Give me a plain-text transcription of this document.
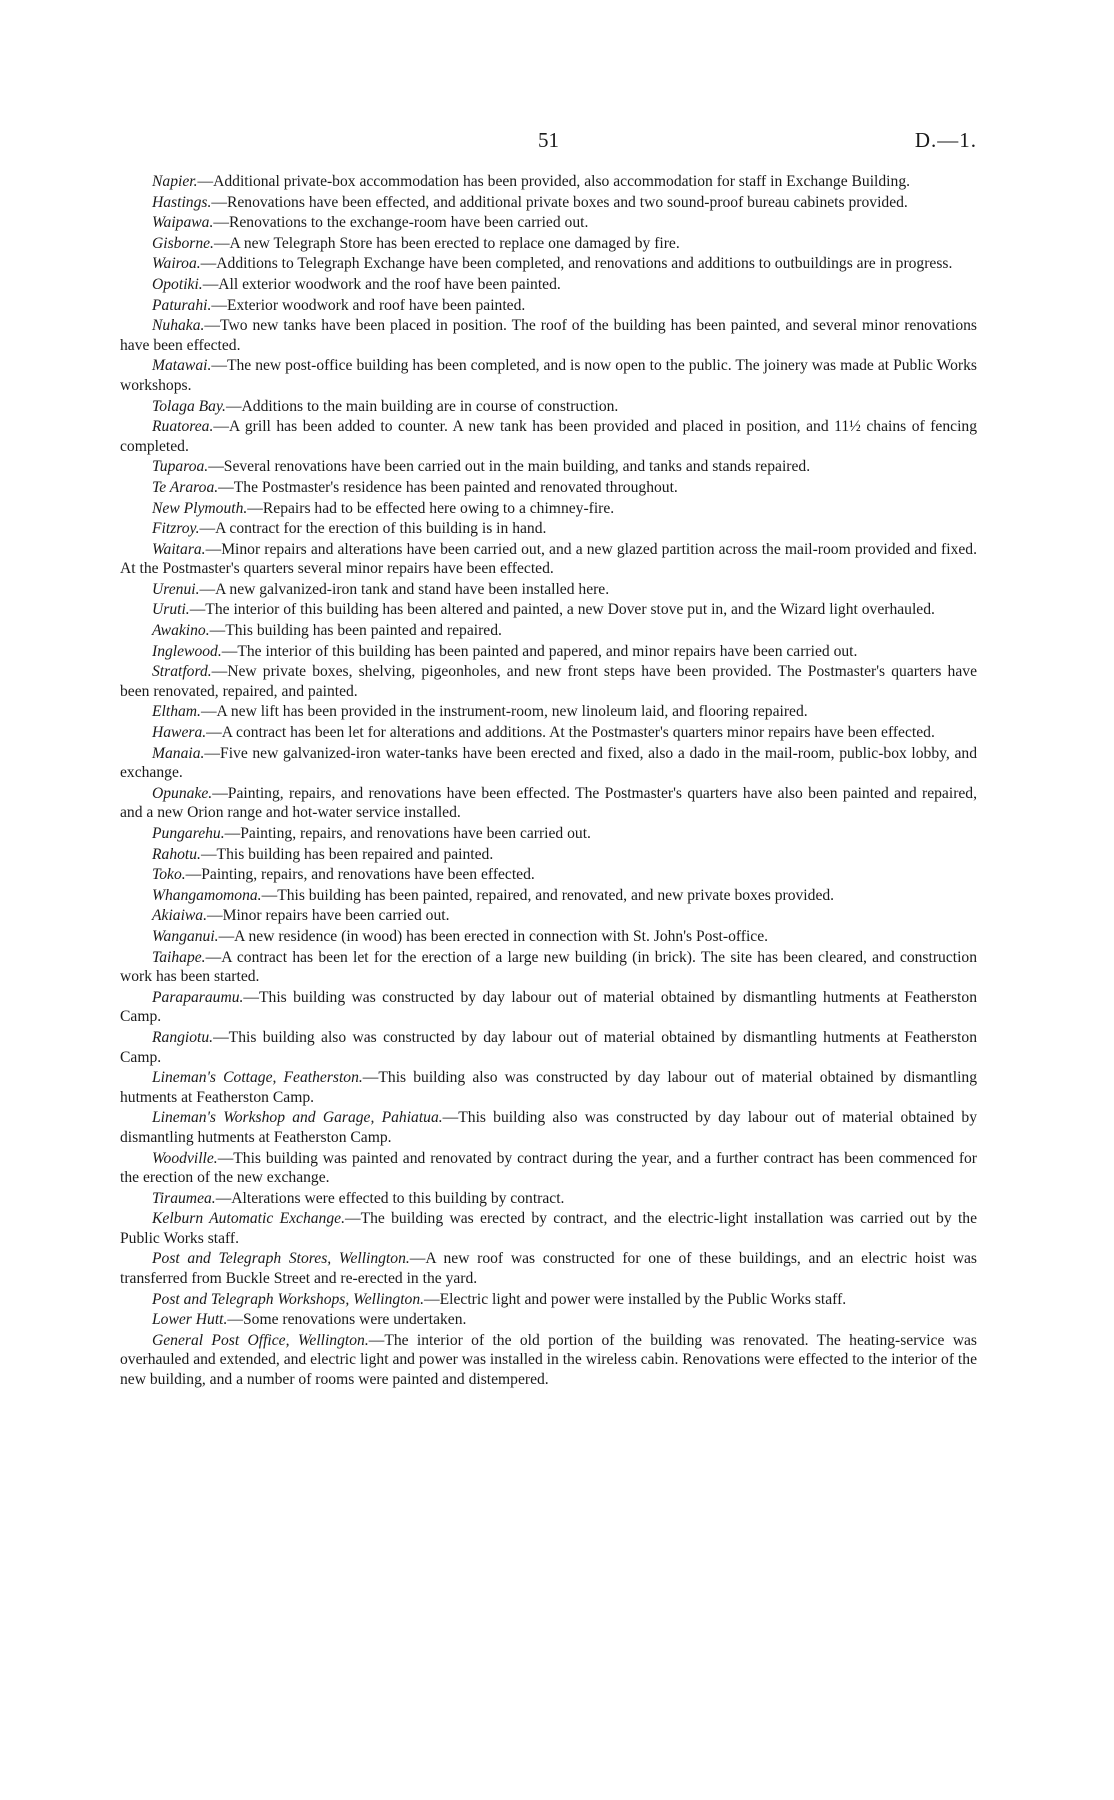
51	D.—1.

Napier.—Additional private-box accommodation has been provided, also accommodation for staff in Exchange Building.

Hastings.—Renovations have been effected, and additional private boxes and two sound-proof bureau cabinets provided.

Waipawa.—Renovations to the exchange-room have been carried out.

Gisborne.—A new Telegraph Store has been erected to replace one damaged by fire.

Wairoa.—Additions to Telegraph Exchange have been completed, and renovations and additions to outbuildings are in progress.

Opotiki.—All exterior woodwork and the roof have been painted.

Paturahi.—Exterior woodwork and roof have been painted.

Nuhaka.—Two new tanks have been placed in position. The roof of the building has been painted, and several minor renovations have been effected.

Matawai.—The new post-office building has been completed, and is now open to the public. The joinery was made at Public Works workshops.

Tolaga Bay.—Additions to the main building are in course of construction.

Ruatorea.—A grill has been added to counter. A new tank has been provided and placed in position, and 11½ chains of fencing completed.

Tuparoa.—Several renovations have been carried out in the main building, and tanks and stands repaired.

Te Araroa.—The Postmaster's residence has been painted and renovated throughout.

New Plymouth.—Repairs had to be effected here owing to a chimney-fire.

Fitzroy.—A contract for the erection of this building is in hand.

Waitara.—Minor repairs and alterations have been carried out, and a new glazed partition across the mail-room provided and fixed. At the Postmaster's quarters several minor repairs have been effected.

Urenui.—A new galvanized-iron tank and stand have been installed here.

Uruti.—The interior of this building has been altered and painted, a new Dover stove put in, and the Wizard light overhauled.

Awakino.—This building has been painted and repaired.

Inglewood.—The interior of this building has been painted and papered, and minor repairs have been carried out.

Stratford.—New private boxes, shelving, pigeonholes, and new front steps have been provided. The Postmaster's quarters have been renovated, repaired, and painted.

Eltham.—A new lift has been provided in the instrument-room, new linoleum laid, and flooring repaired.

Hawera.—A contract has been let for alterations and additions. At the Postmaster's quarters minor repairs have been effected.

Manaia.—Five new galvanized-iron water-tanks have been erected and fixed, also a dado in the mail-room, public-box lobby, and exchange.

Opunake.—Painting, repairs, and renovations have been effected. The Postmaster's quarters have also been painted and repaired, and a new Orion range and hot-water service installed.

Pungarehu.—Painting, repairs, and renovations have been carried out.

Rahotu.—This building has been repaired and painted.

Toko.—Painting, repairs, and renovations have been effected.

Whangamomona.—This building has been painted, repaired, and renovated, and new private boxes provided.

Akiaiwa.—Minor repairs have been carried out.

Wanganui.—A new residence (in wood) has been erected in connection with St. John's Post-office.

Taihape.—A contract has been let for the erection of a large new building (in brick). The site has been cleared, and construction work has been started.

Paraparaumu.—This building was constructed by day labour out of material obtained by dismantling hutments at Featherston Camp.

Rangiotu.—This building also was constructed by day labour out of material obtained by dismantling hutments at Featherston Camp.

Lineman's Cottage, Featherston.—This building also was constructed by day labour out of material obtained by dismantling hutments at Featherston Camp.

Lineman's Workshop and Garage, Pahiatua.—This building also was constructed by day labour out of material obtained by dismantling hutments at Featherston Camp.

Woodville.—This building was painted and renovated by contract during the year, and a further contract has been commenced for the erection of the new exchange.

Tiraumea.—Alterations were effected to this building by contract.

Kelburn Automatic Exchange.—The building was erected by contract, and the electric-light installation was carried out by the Public Works staff.

Post and Telegraph Stores, Wellington.—A new roof was constructed for one of these buildings, and an electric hoist was transferred from Buckle Street and re-erected in the yard.

Post and Telegraph Workshops, Wellington.—Electric light and power were installed by the Public Works staff.

Lower Hutt.—Some renovations were undertaken.

General Post Office, Wellington.—The interior of the old portion of the building was renovated. The heating-service was overhauled and extended, and electric light and power was installed in the wireless cabin. Renovations were effected to the interior of the new building, and a number of rooms were painted and distempered.
